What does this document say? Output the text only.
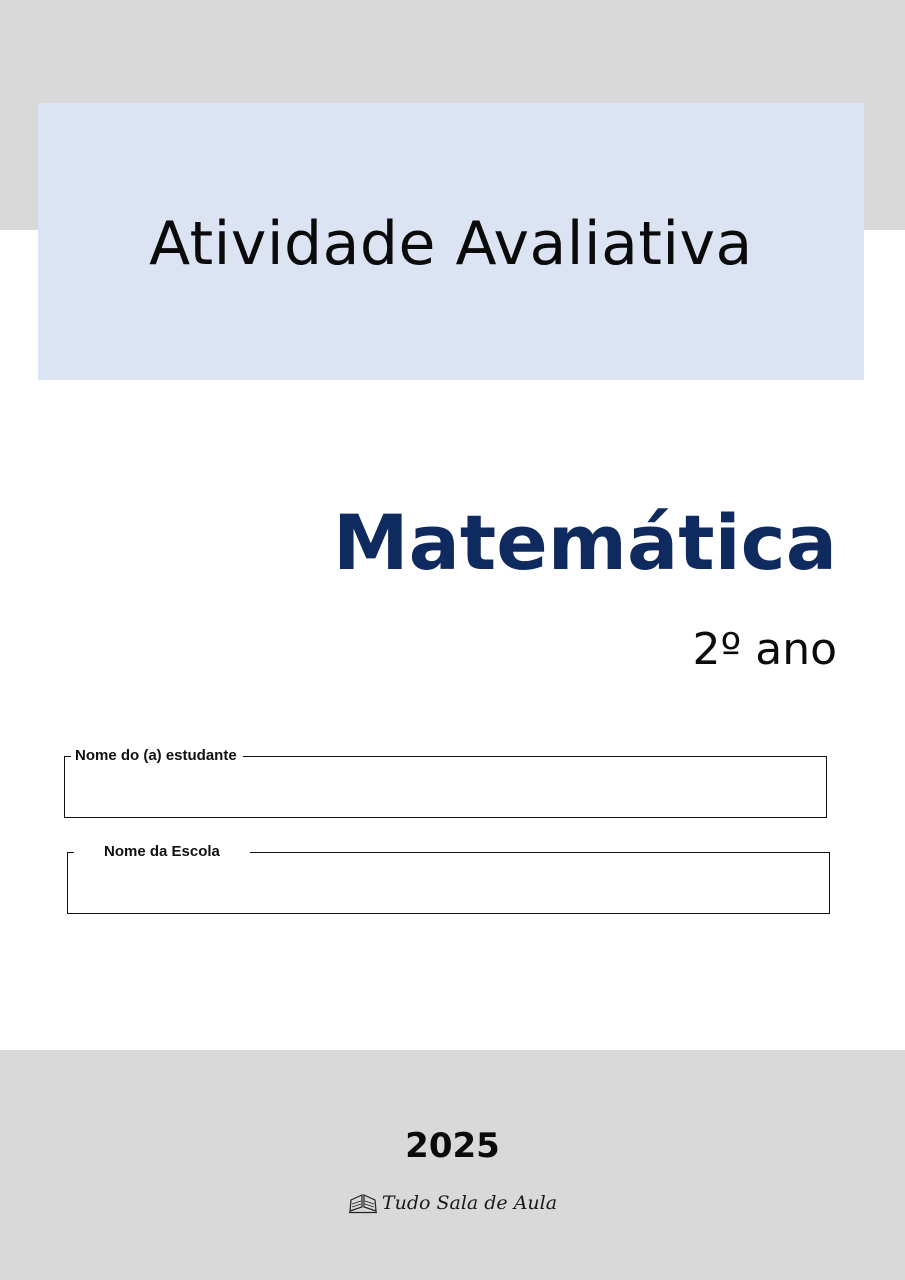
Atividade Avaliativa
Matemática
2º ano
Nome do (a) estudante
Nome da Escola

2025

Tudo Sala de Aula
